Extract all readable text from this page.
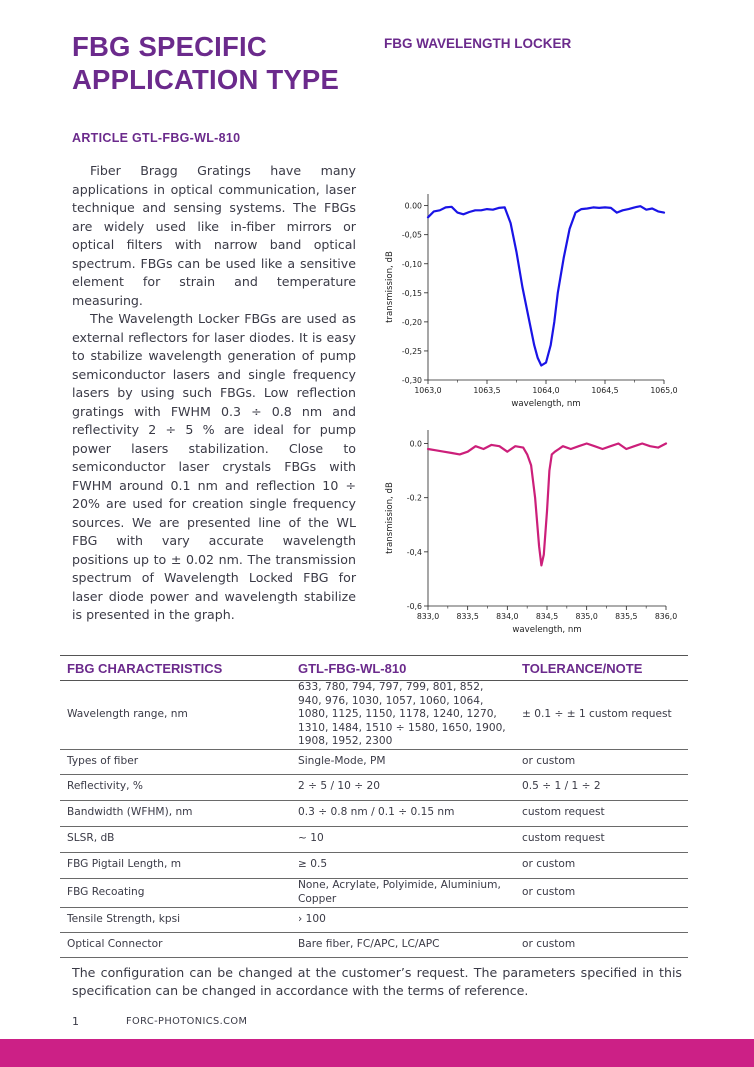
FBG SPECIFIC
APPLICATION TYPE
FBG WAVELENGTH LOCKER
ARTICLE GTL-FBG-WL-810

Fiber Bragg Gratings have many applications in optical communication, laser technique and sensing systems. The FBGs are widely used like in-fiber mirrors or optical filters with narrow band optical spectrum. FBGs can be used like a sensitive element for strain and temperature measuring.

The Wavelength Locker FBGs are used as external reflectors for laser diodes. It is easy to stabilize wavelength generation of pump semiconductor lasers and single frequency lasers by using such FBGs. Low reflection gratings with FWHM 0.3 ÷ 0.8 nm and reflectivity 2 ÷ 5 % are ideal for pump power lasers stabilization. Close to semiconductor laser crystals FBGs with FWHM around 0.1 nm and reflection 10 ÷ 20% are used for creation single frequency sources. We are presented line of the WL FBG with vary accurate wavelength positions up to ± 0.02 nm. The transmission spectrum of Wavelength Locked FBG for laser diode power and wavelength stabilize is presented in the graph.

1063,0	1063,5	1064,0	1064,5	1065,0
0.00
-0,05
-0,10
-0,15
-0,20
-0,25
-0,30
wavelength, nm
transmission, dB
833,0 833,5 834,0 834,5 835,0 835,5 836,0
0.0
-0.2
-0,4
-0,6
wavelength, nm
transmission, dB
FBG CHARACTERISTICS	GTL-FBG-WL-810	TOLERANCE/NOTE
Wavelength range, nm	633, 780, 794, 797, 799, 801, 852, 940, 976, 1030, 1057, 1060, 1064, 1080, 1125, 1150, 1178, 1240, 1270, 1310, 1484, 1510 ÷ 1580, 1650, 1900, 1908, 1952, 2300	± 0.1 ÷ ± 1 custom request
Types of fiber	Single-Mode, PM	or custom
Reflectivity, %	2 ÷ 5 / 10 ÷ 20	0.5 ÷ 1 / 1 ÷ 2
Bandwidth (WFHM), nm	0.3 ÷ 0.8 nm / 0.1 ÷ 0.15 nm	custom request
SLSR, dB	~ 10	custom request
FBG Pigtail Length, m	≥ 0.5	or custom
FBG Recoating	None, Acrylate, Polyimide, Aluminium, Copper	or custom
Tensile Strength, kpsi	› 100	
Optical Connector	Bare fiber, FC/APC, LC/APC	or custom
The configuration can be changed at the customer’s request. The parameters specified in this specification can be changed in accordance with the terms of reference.
1	FORC-PHOTONICS.COM
